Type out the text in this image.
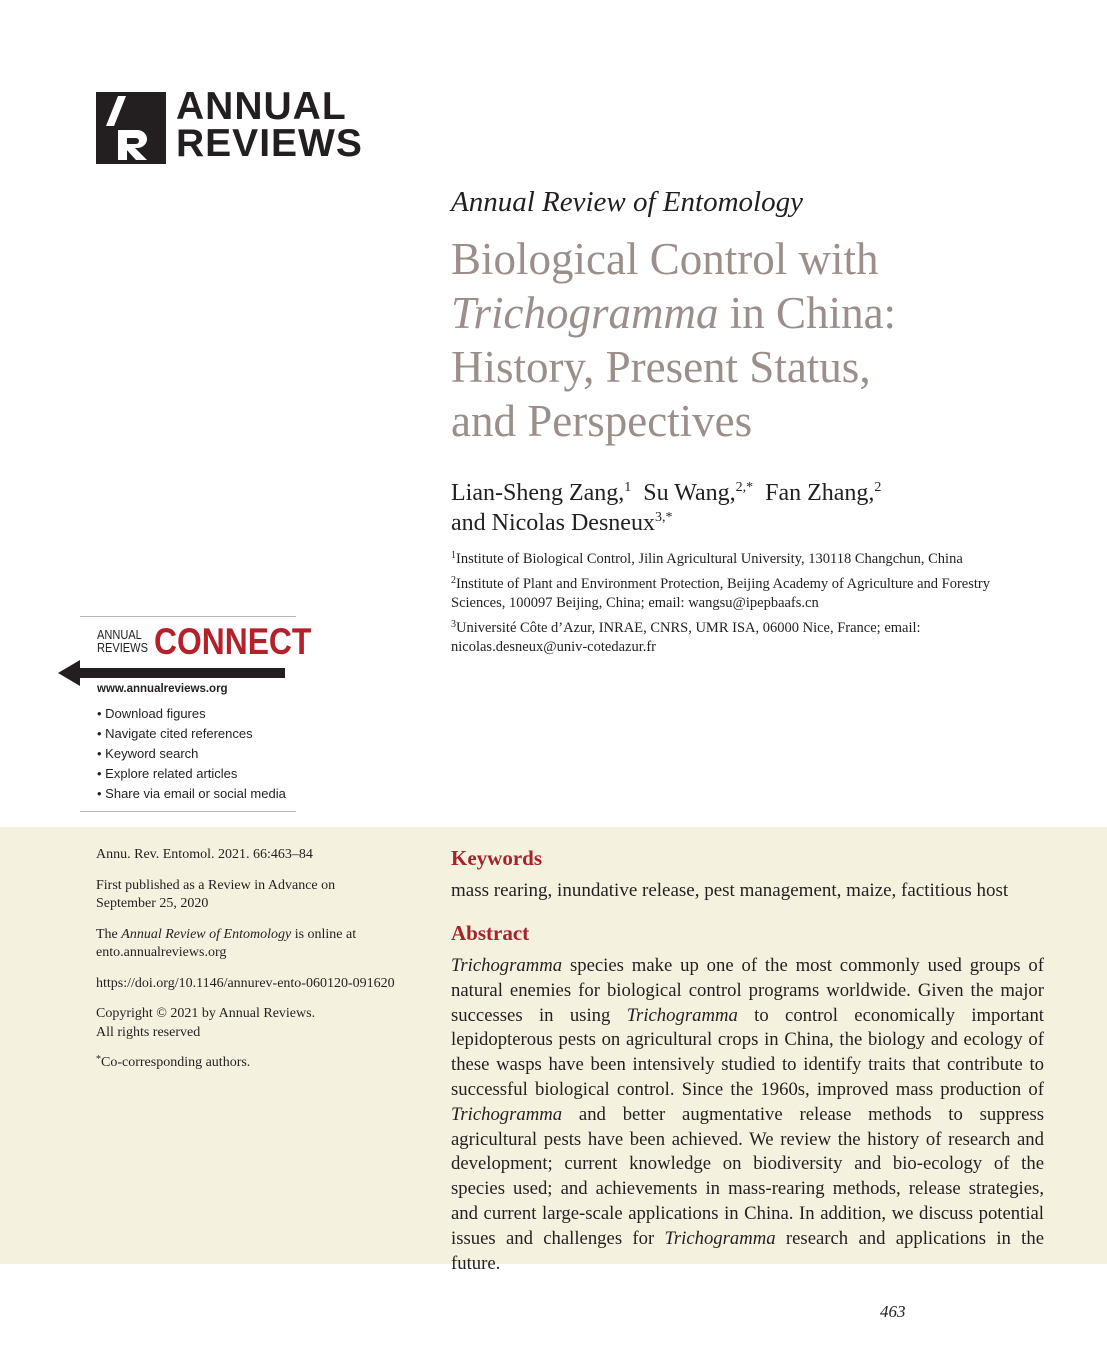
ANNUAL
REVIEWS
Annual Review of Entomology
Biological Control with
Trichogramma in China:
History, Present Status,
and Perspectives
Lian-Sheng Zang,$^1$ Su Wang,$^{2,*}$ Fan Zhang,$^2$
and Nicolas Desneux$^{3,*}$
$^1$Institute of Biological Control, Jilin Agricultural University, 130118 Changchun, China
$^2$Institute of Plant and Environment Protection, Beijing Academy of Agriculture and Forestry Sciences, 100097 Beijing, China; email: wangsu@ipepbaafs.cn
$^3$Université Côte d’Azur, INRAE, CNRS, UMR ISA, 06000 Nice, France; email: nicolas.desneux@univ-cotedazur.fr
ANNUAL
REVIEWS CONNECT
www.annualreviews.org
• Download figures
• Navigate cited references
• Keyword search
• Explore related articles
• Share via email or social media

Annu. Rev. Entomol. 2021. 66:463–84

First published as a Review in Advance on September 25, 2020

The Annual Review of Entomology is online at ento.annualreviews.org

https://doi.org/10.1146/annurev-ento-060120-091620

Copyright © 2021 by Annual Reviews.
All rights reserved

*Co-corresponding authors.

Keywords
mass rearing, inundative release, pest management, maize, factitious host
Abstract

Trichogramma species make up one of the most commonly used groups of natural enemies for biological control programs worldwide. Given the major successes in using Trichogramma to control economically important lepidopterous pests on agricultural crops in China, the biology and ecology of these wasps have been intensively studied to identify traits that contribute to successful biological control. Since the 1960s, improved mass production of Trichogramma and better augmentative release methods to suppress agricultural pests have been achieved. We review the history of research and development; current knowledge on biodiversity and bio-ecology of the species used; and achievements in mass-rearing methods, release strategies, and current large-scale applications in China. In addition, we discuss potential issues and challenges for Trichogramma research and applications in the future.

463
